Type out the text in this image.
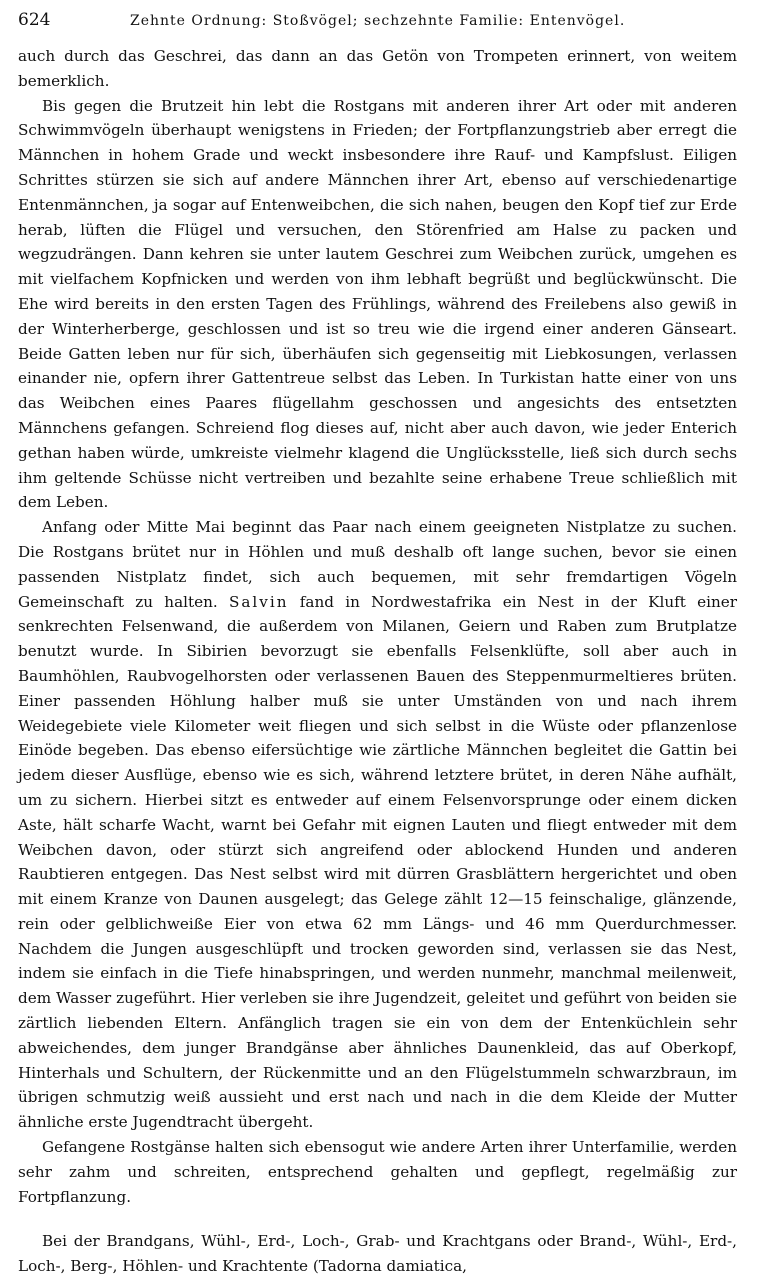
624	Zehnte Ordnung: Stoßvögel; sechzehnte Familie: Entenvögel.

auch durch das Geschrei, das dann an das Getön von Trompeten erinnert, von weitem bemerklich.

Bis gegen die Brutzeit hin lebt die Rostgans mit anderen ihrer Art oder mit anderen Schwimmvögeln überhaupt wenigstens in Frieden; der Fortpflanzungstrieb aber erregt die Männchen in hohem Grade und weckt insbesondere ihre Rauf- und Kampfslust. Eiligen Schrittes stürzen sie sich auf andere Männchen ihrer Art, ebenso auf verschiedenartige Entenmännchen, ja sogar auf Entenweibchen, die sich nahen, beugen den Kopf tief zur Erde herab, lüften die Flügel und versuchen, den Störenfried am Halse zu packen und wegzudrängen. Dann kehren sie unter lautem Geschrei zum Weibchen zurück, umgehen es mit vielfachem Kopfnicken und werden von ihm lebhaft begrüßt und beglückwünscht. Die Ehe wird bereits in den ersten Tagen des Frühlings, während des Freilebens also gewiß in der Winterherberge, geschlossen und ist so treu wie die irgend einer anderen Gänseart. Beide Gatten leben nur für sich, überhäufen sich gegenseitig mit Liebkosungen, verlassen einander nie, opfern ihrer Gattentreue selbst das Leben. In Turkistan hatte einer von uns das Weibchen eines Paares flügellahm geschossen und angesichts des entsetzten Männchens gefangen. Schreiend flog dieses auf, nicht aber auch davon, wie jeder Enterich gethan haben würde, umkreiste vielmehr klagend die Unglücksstelle, ließ sich durch sechs ihm geltende Schüsse nicht vertreiben und bezahlte seine erhabene Treue schließlich mit dem Leben.

Anfang oder Mitte Mai beginnt das Paar nach einem geeigneten Nistplatze zu suchen. Die Rostgans brütet nur in Höhlen und muß deshalb oft lange suchen, bevor sie einen passenden Nistplatz findet, sich auch bequemen, mit sehr fremdartigen Vögeln Gemeinschaft zu halten. Salvin fand in Nordwestafrika ein Nest in der Kluft einer senkrechten Felsenwand, die außerdem von Milanen, Geiern und Raben zum Brutplatze benutzt wurde. In Sibirien bevorzugt sie ebenfalls Felsenklüfte, soll aber auch in Baumhöhlen, Raubvogelhorsten oder verlassenen Bauen des Steppenmurmeltieres brüten. Einer passenden Höhlung halber muß sie unter Umständen von und nach ihrem Weidegebiete viele Kilometer weit fliegen und sich selbst in die Wüste oder pflanzenlose Einöde begeben. Das ebenso eifersüchtige wie zärtliche Männchen begleitet die Gattin bei jedem dieser Ausflüge, ebenso wie es sich, während letztere brütet, in deren Nähe aufhält, um zu sichern. Hierbei sitzt es entweder auf einem Felsenvorsprunge oder einem dicken Aste, hält scharfe Wacht, warnt bei Gefahr mit eignen Lauten und fliegt entweder mit dem Weibchen davon, oder stürzt sich angreifend oder ablockend Hunden und anderen Raubtieren entgegen. Das Nest selbst wird mit dürren Grasblättern hergerichtet und oben mit einem Kranze von Daunen ausgelegt; das Gelege zählt 12—15 feinschalige, glänzende, rein oder gelblichweiße Eier von etwa 62 mm Längs- und 46 mm Querdurchmesser. Nachdem die Jungen ausgeschlüpft und trocken geworden sind, verlassen sie das Nest, indem sie einfach in die Tiefe hinabspringen, und werden nunmehr, manchmal meilenweit, dem Wasser zugeführt. Hier verleben sie ihre Jugendzeit, geleitet und geführt von beiden sie zärtlich liebenden Eltern. Anfänglich tragen sie ein von dem der Entenküchlein sehr abweichendes, dem junger Brandgänse aber ähnliches Daunenkleid, das auf Oberkopf, Hinterhals und Schultern, der Rückenmitte und an den Flügelstummeln schwarzbraun, im übrigen schmutzig weiß aussieht und erst nach und nach in die dem Kleide der Mutter ähnliche erste Jugendtracht übergeht.

Gefangene Rostgänse halten sich ebensogut wie andere Arten ihrer Unterfamilie, werden sehr zahm und schreiten, entsprechend gehalten und gepflegt, regelmäßig zur Fortpflanzung.

Bei der Brandgans, Wühl-, Erd-, Loch-, Grab- und Krachtgans oder Brand-, Wühl-, Erd-, Loch-, Berg-, Höhlen- und Krachtente (Tadorna damiatica,
